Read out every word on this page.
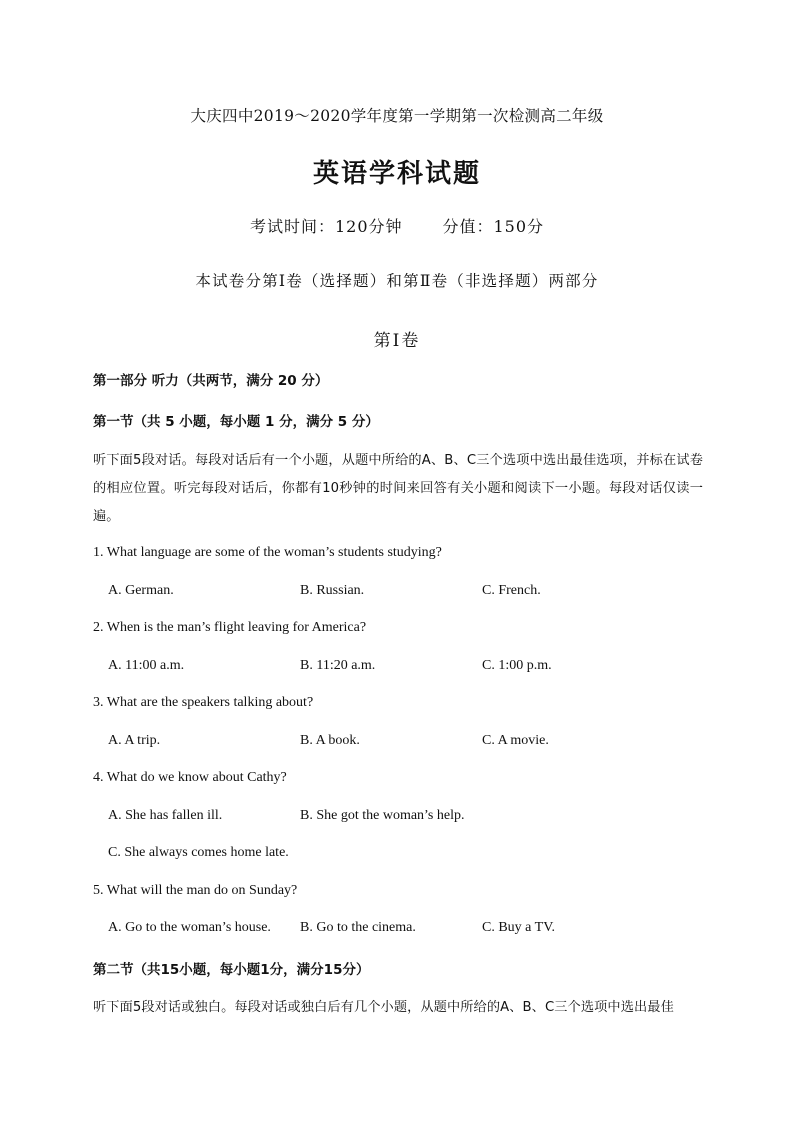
大庆四中2019～2020学年度第一学期第一次检测高二年级
英语学科试题
考试时间：120分钟	分值：150分
本试卷分第Ⅰ卷（选择题）和第Ⅱ卷（非选择题）两部分
第Ⅰ卷
第一部分 听力（共两节，满分 20 分）
第一节（共 5 小题，每小题 1 分，满分 5 分）
听下面5段对话。每段对话后有一个小题，从题中所给的A、B、C三个选项中选出最佳选项，并标在试卷的相应位置。听完每段对话后，你都有10秒钟的时间来回答有关小题和阅读下一小题。每段对话仅读一遍。
1. What language are some of the woman’s students studying?
A. German.	B. Russian.	C. French.
2. When is the man’s flight leaving for America?
A. 11:00 a.m.	B. 11:20 a.m.	C. 1:00 p.m.
3. What are the speakers talking about?
A. A trip.	B. A book.	C. A movie.
4. What do we know about Cathy?
A. She has fallen ill.	B. She got the woman’s help.
C. She always comes home late.
5. What will the man do on Sunday?
A. Go to the woman’s house. B. Go to the cinema.	C. Buy a TV.
第二节（共15小题，每小题1分，满分15分）
听下面5段对话或独白。每段对话或独白后有几个小题，从题中所给的A、B、C三个选项中选出最佳
